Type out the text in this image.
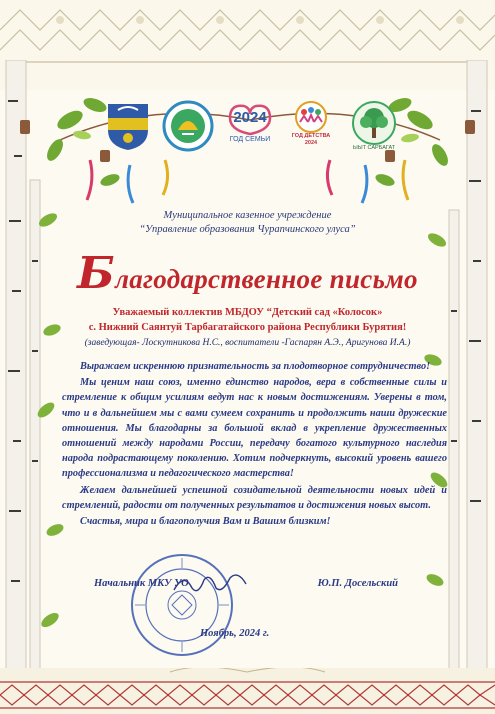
2024
ГОД СЕМЬИ	ГОД ДЕТСТВА
2024
ЫЫТ САРБАГАТ
Муниципальное казенное учреждение
“Управление образования Чурапчинского улуса”
Благодарственное письмо
Уважаемый коллектив МБДОУ “Детский сад «Колосок»
с. Нижний Саянтуй Тарбагатайского района Республики Бурятия!
(заведующая- Лоскутникова Н.С., воспитатели -Гаспарян А.Э., Аригунова И.А.)

Выражаем искреннюю признательность за плодотворное сотрудничество!

Мы ценим наш союз, именно единство народов, вера в собственные силы и стремление к общим усилиям ведут нас к новым достижениям. Уверены в том, что и в дальнейшем мы с вами сумеем сохранить и продолжить наши дружеские отношения. Мы благодарны за большой вклад в укрепление дружественных отношений между народами России, передачу богатого культурного наследия народа подрастающему поколению. Хотим подчеркнуть, высокий уровень вашего профессионализма и педагогического мастерства!

Желаем дальнейшей успешной созидательной деятельности новых идей и стремлений, радости от полученных результатов и достижения новых высот.

Счастья, мира и благополучия Вам и Вашим близким!

Начальник МКУ УО	Ю.П. Досельский
Ноябрь, 2024 г.
